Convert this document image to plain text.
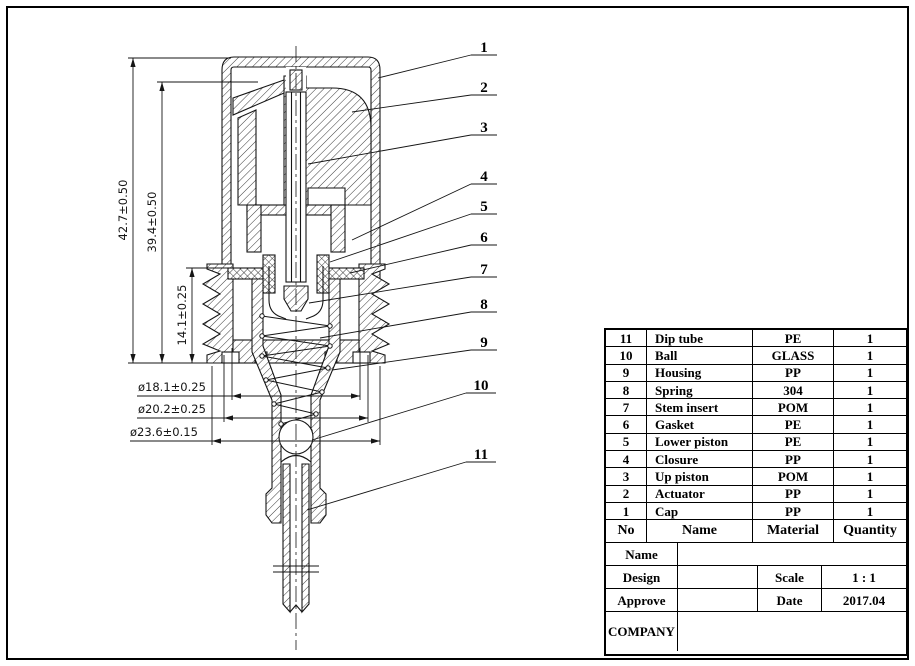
42.7±0.50 39.4±0.50
14.1±0.25
ø18.1±0.25
ø20.2±0.25
ø23.6±0.15
1
2
3
4
5
6
7
8
9
10
11
11	Dip tube	PE	1
10	Ball	GLASS	1
9	Housing	PP	1
8	Spring	304	1
7	Stem insert	POM	1
6	Gasket	PE	1
5	Lower piston	PE	1
4	Closure	PP	1
3	Up piston	POM	1
2	Actuator	PP	1
1	Cap	PP	1
No	Name	Material	Quantity
Name
Design	Scale	1 : 1
Approve	Date	2017.04
COMPANY
